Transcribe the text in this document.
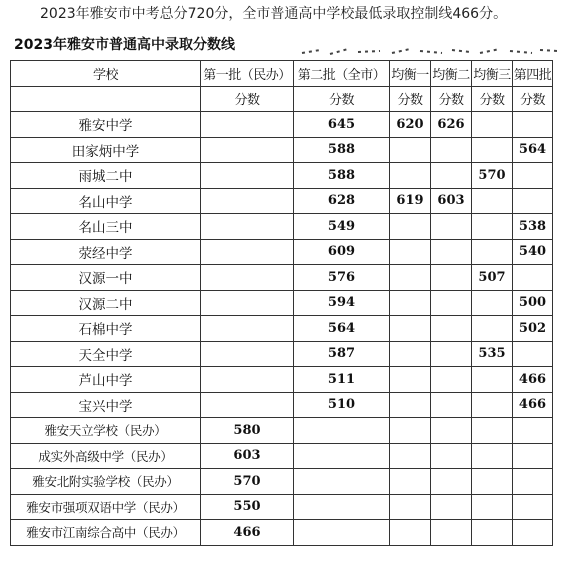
2023年雅安市中考总分720分，全市普通高中学校最低录取控制线466分。
2023年雅安市普通高中录取分数线
学校	第一批（民办）	第二批（全市）	均衡一	均衡二	均衡三	第四批
	分数	分数	分数	分数	分数	分数
雅安中学		645	620	626		
田家炳中学		588				564
雨城二中		588			570	
名山中学		628	619	603		
名山三中		549				538
荥经中学		609				540
汉源一中		576			507	
汉源二中		594				500
石棉中学		564				502
天全中学		587			535	
芦山中学		511				466
宝兴中学		510				466
雅安天立学校（民办）	580					
成实外高级中学（民办）	603					
雅安北附实验学校（民办）	570					
雅安市强项双语中学（民办）	550					
雅安市江南综合高中（民办）	466					
